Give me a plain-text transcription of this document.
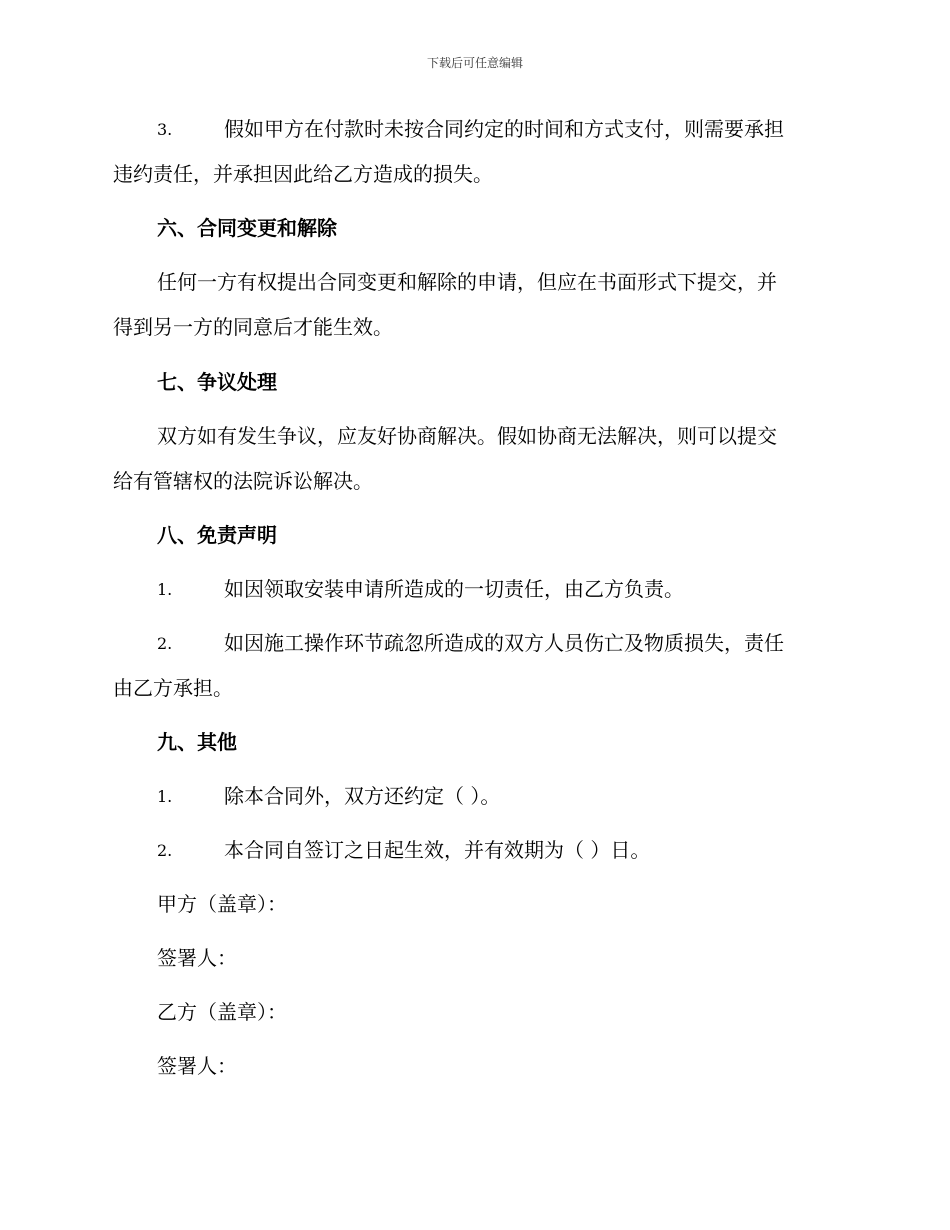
下载后可任意编辑
3.	假如甲方在付款时未按合同约定的时间和方式支付，则需要承担
违约责任，并承担因此给乙方造成的损失。
六、合同变更和解除
任何一方有权提出合同变更和解除的申请，但应在书面形式下提交，并
得到另一方的同意后才能生效。
七、争议处理
双方如有发生争议，应友好协商解决。假如协商无法解决，则可以提交
给有管辖权的法院诉讼解决。
八、免责声明
1.	如因领取安装申请所造成的一切责任，由乙方负责。
2.	如因施工操作环节疏忽所造成的双方人员伤亡及物质损失，责任
由乙方承担。
九、其他
1.	除本合同外，双方还约定（ ）。
2.	本合同自签订之日起生效，并有效期为（ ）日。
甲方（盖章）：
签署人：
乙方（盖章）：
签署人：
